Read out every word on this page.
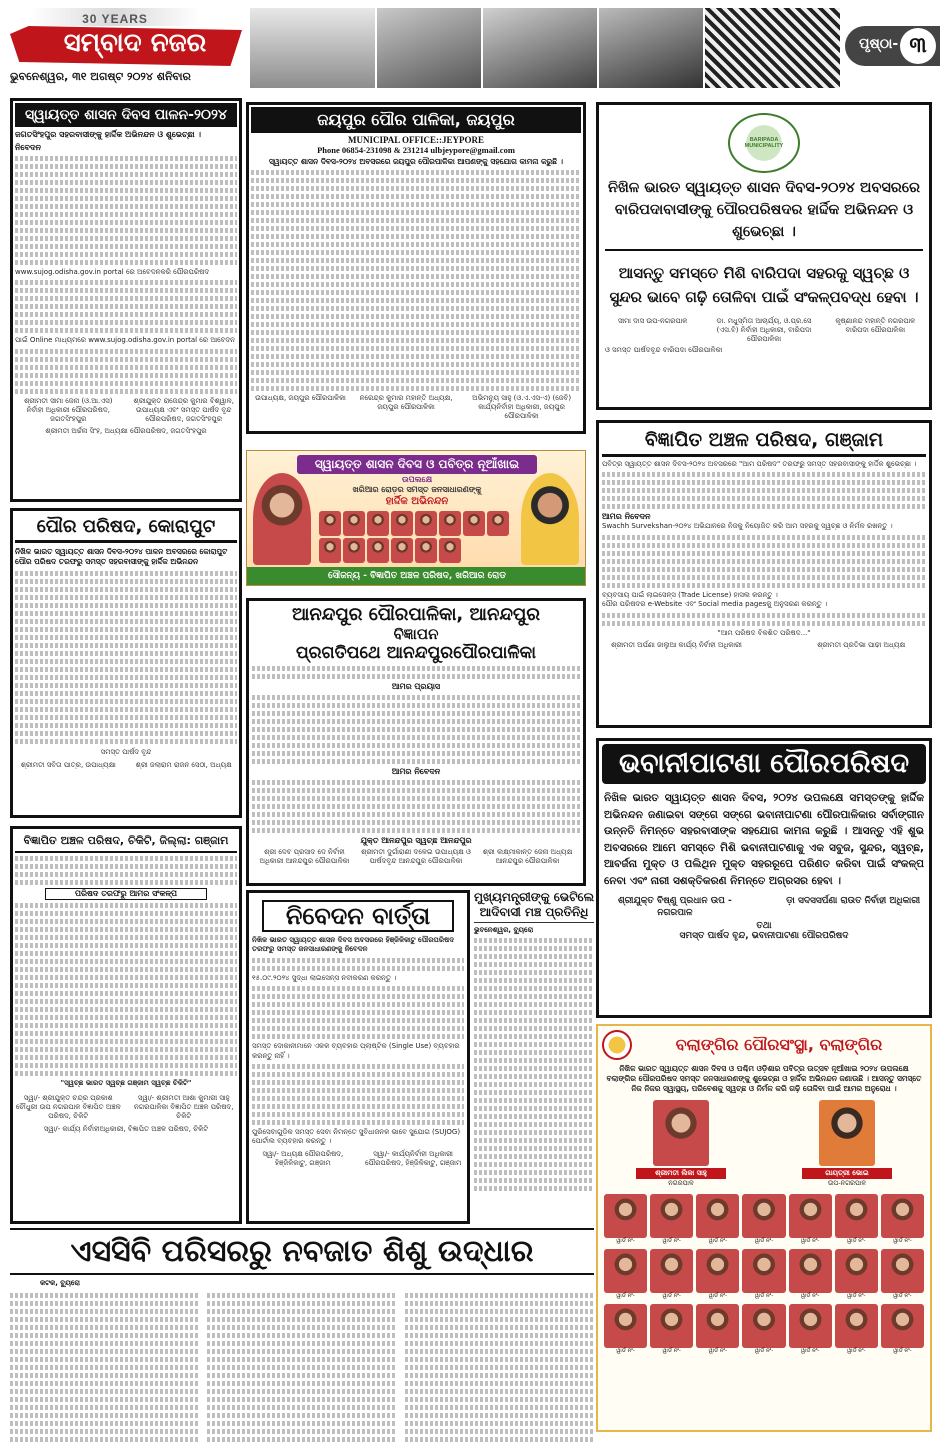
30 YEARS
ସମ୍ବାଦ ନଜର
ଭୁବନେଶ୍ୱର, ୩୧ ଅଗଷ୍ଟ ୨୦୨୪ ଶନିବାର
ପୃଷ୍ଠା- ୩
ସ୍ୱାୟତ୍ତ ଶାସନ ଦିବସ ପାଳନ-୨୦୨୪
ଜଗତସିଂହପୁର ସହରବାସୀଙ୍କୁ ହାର୍ଦ୍ଦିକ ଅଭିନନ୍ଦନ ଓ ଶୁଭେଚ୍ଛା ।
ନିବେଦନ
www.sujog.odisha.gov.in portal ରେ ଅବେଦନକରି ପୌରପରିଷଦ
ପାଇଁ Online ମାଧ୍ୟମରେ www.sujog.odisha.gov.in portal ରେ ଆବେଦନ
ଶ୍ରୀମତୀ ସୀମା ଜେନା (ଓ.ଆ.ଏସ) ନିର୍ବାହୀ ଅଧିକାରୀ ପୌରପରିଷଦ, ଜଗତସିଂହପୁର
ଶ୍ରୀଯୁକ୍ତ ରାଜେନ୍ଦ୍ର କୁମାର ବିଶ୍ୱାଳ, ଉପାଧ୍ୟକ୍ଷ ଏବଂ ସମସ୍ତ ପାର୍ଷଦ ବୃନ୍ଦ ପୌରପରିଷଦ, ଜଗତସିଂହପୁର
ଶ୍ରୀମତୀ ଅର୍ଚ୍ଚନା ସିଂହ, ଅଧ୍ୟକ୍ଷା ପୌରପରିଷଦ, ଜଗତସିଂହପୁର
ପୌର ପରିଷଦ, କୋରାପୁଟ
ନିଖିଳ ଭାରତ ସ୍ୱାୟତ୍ତ ଶାସନ ଦିବସ-୨୦୨୪ ପାଳନ ଅବସରରେ କୋରାପୁଟ ପୌର ପରିଷଦ ତରଫରୁ ସମସ୍ତ ସହରବାସୀଙ୍କୁ ହାର୍ଦ୍ଦିକ ଅଭିନନ୍ଦନ
ସମସ୍ତ ପାର୍ଷଦ ବୃନ୍ଦ
ଶ୍ରୀମତୀ ସବିତା ପାତ୍ର, ଉପାଧ୍ୟକ୍ଷା	ଶ୍ରୀ ଜଲାରାମ ରାଜନ ସେଠୀ, ଅଧ୍ୟକ୍ଷ
ବିଜ୍ଞାପିତ ଅଞ୍ଚଳ ପରିଷଦ, ଚିକିଟି, ଜିଲ୍ଲା: ଗଞ୍ଜାମ
ପରିଷଦ ତରଫରୁ ଆମର ସଂକଳ୍ପ
"ସ୍ୱଚ୍ଛ ଭାରତ ସ୍ୱଚ୍ଛ ଗଞ୍ଜାମ ସ୍ୱଚ୍ଛ ଚିକିଟି"
ସ୍ୱା/- ଶ୍ରୀଯୁକ୍ତ ଚନ୍ଦ୍ର ପ୍ରକାଶ ଚୌଧୁରୀ ଉପ ନଗରପାଳ ବିଜ୍ଞାପିତ ଅଞ୍ଚଳ ପରିଷଦ, ଚିକିଟି
ସ୍ୱା/- ଶ୍ରୀମତୀ ଆଶା କୁମାରୀ ସାହୁ ନଗରପାଳିକା ବିଜ୍ଞାପିତ ଅଞ୍ଚଳ ପରିଷଦ, ଚିକିଟି
ସ୍ୱା/- କାର୍ଯ୍ୟ ନିର୍ବାହୀଅଧିକାରୀ, ବିଜ୍ଞାପିତ ଅଞ୍ଚଳ ପରିଷଦ, ଚିକିଟି
ଜୟପୁର ପୌର ପାଳିକା, ଜୟପୁର
MUNICIPAL OFFICE::JEYPORE
Phone 06854-231098 & 231214 ulbjeypore@gmail.com
ସ୍ୱାୟତ୍ତ ଶାସନ ଦିବସ-୨୦୨୪ ଅବସରରେ ଜୟପୁର ପୌରପାଳିକା ଆପଣଙ୍କୁ ସହଯୋଗ କାମନା କରୁଛି ।
ଉପାଧ୍ୟକ୍ଷ, ଜୟପୁର ପୌରପାଳିକା	ନରେନ୍ଦ୍ର କୁମାର ମହାନ୍ତି ଅଧ୍ୟକ୍ଷ, ଜୟପୁର ପୌରପାଳିକା
ଅଭିମନ୍ୟୁ ସାହୁ (ଓ.ଏ.ଏସ-ଏ) (ଜେବି) କାର୍ଯ୍ୟନିର୍ବାହୀ ଅଧିକାରୀ, ଜୟପୁର ପୌରପାଳିକା
ସ୍ୱାୟତ୍ତ ଶାସନ ଦିବସ ଓ ପବିତ୍ର ନୂଆଁଖାଇ
ଉପଲକ୍ଷେ
ଖରିଆର ରୋଡ଼ର ସମସ୍ତ ଜନସାଧାରଣଙ୍କୁ
ହାର୍ଦ୍ଦିକ ଅଭିନନ୍ଦନ
ସୌଜନ୍ୟ - ବିଜ୍ଞାପିତ ଅଞ୍ଚଳ ପରିଷଦ, ଖରିଆର ରୋଡ
ଆନନ୍ଦପୁର ପୌରପାଳିକା, ଆନନ୍ଦପୁର
ବିଜ୍ଞାପନ
ପ୍ରଗତିପଥେ ଆନନ୍ଦପୁରପୌରପାଳିକା
ଆମର ପ୍ରୟାସ
ଆମର ନିବେଦନ
ଯୁକ୍ତ ଆନନ୍ଦପୁର ସ୍ୱଚ୍ଛ ଆନନ୍ଦପୁର
ଶ୍ରୀ ଦେବ ପ୍ରସାଦ ଦେ ନିର୍ବାହୀ ଅଧିକାରୀ ଆନନ୍ଦପୁର ପୌରପାଳିକା
ଶ୍ରୀମତୀ ଦୁର୍ଗାରାଣୀ ଦଳେଇ ଉପାଧ୍ୟକ୍ଷ ଓ ପାର୍ଷଦବୃନ୍ଦ ଆନନ୍ଦପୁର ପୌରପାଳିକା
ଶ୍ରୀ ଲକ୍ଷ୍ମୀକାନ୍ତ ଜେନା ଅଧ୍ୟକ୍ଷ ଆନନ୍ଦପୁର ପୌରପାଳିକା
ନିବେଦନ ବାର୍ତ୍ତା
ନିଖିଳ ଭାରତ ସ୍ୱାୟତ୍ତ ଶାସନ ଦିବସ ଅବସରରେ ହିଞ୍ଜିଳିକାଟୁ ପୌରପରିଷଦ ତରଫରୁ ସମସ୍ତ ଜନସାଧାରଣଙ୍କୁ ନିବେଦନ
୧୫.୦୯.୨୦୨୪ ସୁଦ୍ଧା ଲାଇସେନ୍ସ ନବୀକରଣ କରନ୍ତୁ ।
ସମସ୍ତ ଦୋକାନୀମାନେ ଏକକ ବ୍ୟବହାର ପ୍ଲାଷ୍ଟିକ (Single Use) ବ୍ୟବହାର କରନ୍ତୁ ନାହିଁ ।
ପୁରିସେବାଗୁଡ଼ିକ ସମସ୍ତ ସେବା ନିମନ୍ତେ ସୁବିଧାଜନକ ଭାବେ ସୁଯୋଗ (SUJOG) ପୋର୍ଟାଲ ବ୍ୟବହାର କରନ୍ତୁ ।
ସ୍ୱା/- ଅଧ୍ୟକ୍ଷ ପୌରପରିଷଦ, ହିଞ୍ଜିଳିକାଟୁ, ଗଞ୍ଜାମ
ସ୍ୱା/- କାର୍ଯ୍ୟନିର୍ବାହୀ ଅଧିକାରୀ ପୌରପରିଷଦ, ହିଞ୍ଜିଳିକାଟୁ, ଗଞ୍ଜାମ
ମୁଖ୍ୟମନ୍ତ୍ରୀଙ୍କୁ ଭେଟିଲେ ଆଦିବାସୀ ମଞ୍ଚ ପ୍ରତିନିଧି
ଭୁବନେଶ୍ୱର, ବ୍ୟୁରୋ
ଏସସିବି ପରିସରରୁ ନବଜାତ ଶିଶୁ ଉଦ୍ଧାର
କଟକ, ବ୍ୟୁରୋ
BARIPADA MUNICIPALITY
ନିଖିଳ ଭାରତ ସ୍ୱାୟତ୍ତ ଶାସନ ଦିବସ-୨୦୨୪ ଅବସରରେ ବାରିପଦାବାସୀଙ୍କୁ ପୌରପରିଷଦର ହାର୍ଦ୍ଦିକ ଅଭିନନ୍ଦନ ଓ ଶୁଭେଚ୍ଛା ।
ଆସନ୍ତୁ ସମସ୍ତେ ମିଶି ବାରିପଦା ସହରକୁ ସ୍ୱଚ୍ଛ ଓ ସୁନ୍ଦର ଭାବେ ଗଢ଼ି ତୋଳିବା ପାଇଁ ସଂକଳ୍ପବଦ୍ଧ ହେବା ।
ସୀମା ଦାସ ଉପ-ନଗରପାଳ	ଡା. ମଧୁସ୍ମିତା ଆଚାର୍ଯ୍ୟ, ଓ.ପ୍ର.ସେ (ଏସ.ବି) ନିର୍ବାହୀ ଅଧିକାରୀ, ବାରିପଦା ପୌରପାଳିକା
କୃଷ୍ଣାନନ୍ଦ ମହାନ୍ତି ନଗରପାଳ ବାରିପଦା ପୌରପାଳିକା
ଓ ସମସ୍ତ ପାର୍ଷଦବୃନ୍ଦ ବାରିପଦା ପୌରପାଳିକା
ବିଜ୍ଞାପିତ ଅଞ୍ଚଳ ପରିଷଦ, ଗଞ୍ଜାମ
ପବିତ୍ର ସ୍ୱାୟତ୍ତ ଶାସନ ଦିବସ-୨୦୨୪ ଅବସରରେ "ଆମ ପରିଷଦ" ତରଫରୁ ସମସ୍ତ ସହରବାସୀଙ୍କୁ ହାର୍ଦ୍ଦିକ ଶୁଭେଚ୍ଛା ।
ଆମର ନିବେଦନ
Swachh Survekshan-୨୦୨୪ ଅଭିଯାନରେ ନିଜକୁ ନିୟୋଜିତ କରି ଆମ ସହରକୁ ସ୍ୱଚ୍ଛ ଓ ନିର୍ମଳ ରଖନ୍ତୁ ।
ବ୍ୟବସାୟ ପାଇଁ ଲାଇସେନ୍ସ (Trade License) ହାସଲ କରନ୍ତୁ ।
ପୌର ପରିଷଦର e-Website ଏବଂ Social media pagesକୁ ଅନୁସରଣ କରନ୍ତୁ ।
"ଆମ ପରିଷଦ ବିକଶିତ ପରିଷଦ..."
ଶ୍ରୀମତୀ ଅର୍ପଣା ଜାଲୁଆ କାର୍ଯ୍ୟ ନିର୍ବାହୀ ଅଧିକାରୀ	ଶ୍ରୀମତୀ ପ୍ରତିଭା ପାଢୀ ଅଧ୍ୟକ୍ଷ
ଭବାନୀପାଟଣା ପୌରପରିଷଦ
ନିଖିଳ ଭାରତ ସ୍ୱାୟତ୍ତ ଶାସନ ଦିବସ, ୨୦୨୪ ଉପଲକ୍ଷେ ସମସ୍ତଙ୍କୁ ହାର୍ଦ୍ଦିକ ଅଭିନନ୍ଦନ ଜଣାଇବା ସଙ୍ଗେ ସଙ୍ଗେ ଭବାନୀପାଟଣା ପୌରପାଳିକାର ସର୍ବାଙ୍ଗୀନ ଉନ୍ନତି ନିମନ୍ତେ ସହରବାସୀଙ୍କ ସହଯୋଗ କାମନା କରୁଛି । ଆସନ୍ତୁ ଏହି ଶୁଭ ଅବସରରେ ଆମେ ସମସ୍ତେ ମିଶି ଭବାନୀପାଟଣାକୁ ଏକ ସବୁଜ, ସୁନ୍ଦର, ସ୍ୱଚ୍ଛ, ଆବର୍ଜନା ମୁକ୍ତ ଓ ପଲିଥିନ ମୁକ୍ତ ସହରରୂପେ ପରିଣତ କରିବା ପାଇଁ ସଂକଳ୍ପ ନେବା ଏବଂ ନାରୀ ସଶକ୍ତିକରଣ ନିମନ୍ତେ ଅଗ୍ରସର ହେବା ।
ଶ୍ରୀଯୁକ୍ତ ବିଷ୍ଣୁ ପ୍ରଧାନ ଉପ - ନଗରପାଳ
ଡ଼ା ସଦସସର୍ପଣା ରାଉତ ନିର୍ବାହୀ ଅଧିକାରୀ
ତଥା
ସମସ୍ତ ପାର୍ଷଦ ବୃନ୍ଦ, ଭବାନୀପାଟଣା ପୌରପରିଷଦ
ବଲାଙ୍ଗିର ପୌରସଂସ୍ଥା, ବଲାଙ୍ଗିର
ନିଖିଳ ଭାରତ ସ୍ୱାୟତ୍ତ ଶାସନ ଦିବସ ଓ ପଶ୍ଚିମ ଓଡ଼ିଶାର ପବିତ୍ର ଉତ୍ସବ ନୂଆଁଖାଇ ୨୦୨୪ ଉପଲକ୍ଷେ ବଲାଙ୍ଗିର ପୌରପରିଷଦ ସମସ୍ତ ଜନସାଧାରଣଙ୍କୁ ଶୁଭେଚ୍ଛା ଓ ହାର୍ଦ୍ଦିକ ଅଭିନନ୍ଦନ ଜଣାଉଛି । ଆସନ୍ତୁ ସମସ୍ତେ ନିଜ ନିଜର ସ୍ୱାସ୍ଥ୍ୟ, ପରିବେଶକୁ ସ୍ୱଚ୍ଛ ଓ ନିର୍ମଳ କରି ଗଢ଼ି ତୋଳିବା ପାଇଁ ଆମର ଅନୁରୋଧ ।
ଶ୍ରୀମତୀ ଲିକା ସାହୁ
ନଗରପାଳ
ଗାୟତ୍ରୀ ଭୋଇ
ଉପ-ନଗରପାଳ
ୱାର୍ଡ ନଂ-	ୱାର୍ଡ ନଂ-	ୱାର୍ଡ ନଂ-	ୱାର୍ଡ ନଂ-	ୱାର୍ଡ ନଂ-	ୱାର୍ଡ ନଂ-	ୱାର୍ଡ ନଂ-
ୱାର୍ଡ ନଂ-	ୱାର୍ଡ ନଂ-	ୱାର୍ଡ ନଂ-	ୱାର୍ଡ ନଂ-	ୱାର୍ଡ ନଂ-	ୱାର୍ଡ ନଂ-	ୱାର୍ଡ ନଂ-
ୱାର୍ଡ ନଂ-	ୱାର୍ଡ ନଂ-	ୱାର୍ଡ ନଂ-	ୱାର୍ଡ ନଂ-	ୱାର୍ଡ ନଂ-	ୱାର୍ଡ ନଂ-	ୱାର୍ଡ ନଂ-
